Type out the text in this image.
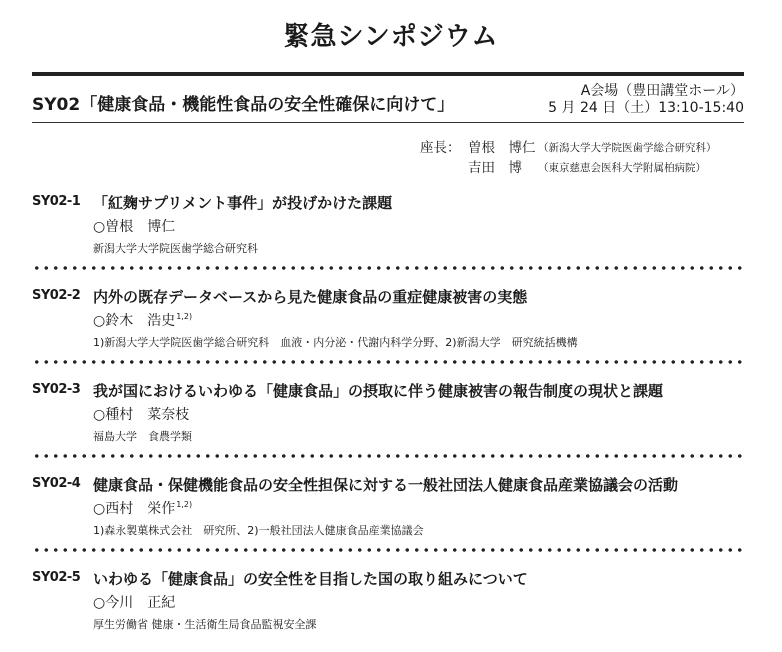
緊急シンポジウム
SY02「健康食品・機能性食品の安全性確保に向けて」
A会場（豊田講堂ホール）
5 月 24 日（土）13:10-15:40
座長： 曽根　博仁 （新潟大学大学院医歯学総合研究科）
吉田　博	（東京慈恵会医科大学附属柏病院）
SY02-1 「紅麹サプリメント事件」が投げかけた課題
○曽根　博仁
新潟大学大学院医歯学総合研究科
SY02-2 内外の既存データベースから見た健康食品の重症健康被害の実態
○鈴木　浩史$^{1,2)}$
1)新潟大学大学院医歯学総合研究科　血液・内分泌・代謝内科学分野、2)新潟大学　研究統括機構
SY02-3 我が国におけるいわゆる「健康食品」の摂取に伴う健康被害の報告制度の現状と課題
○種村　菜奈枝
福島大学　食農学類
SY02-4 健康食品・保健機能食品の安全性担保に対する一般社団法人健康食品産業協議会の活動
○西村　栄作$^{1,2)}$
1)森永製菓株式会社　研究所、2)一般社団法人健康食品産業協議会
SY02-5 いわゆる「健康食品」の安全性を目指した国の取り組みについて
○今川　正紀
厚生労働省 健康・生活衛生局食品監視安全課
